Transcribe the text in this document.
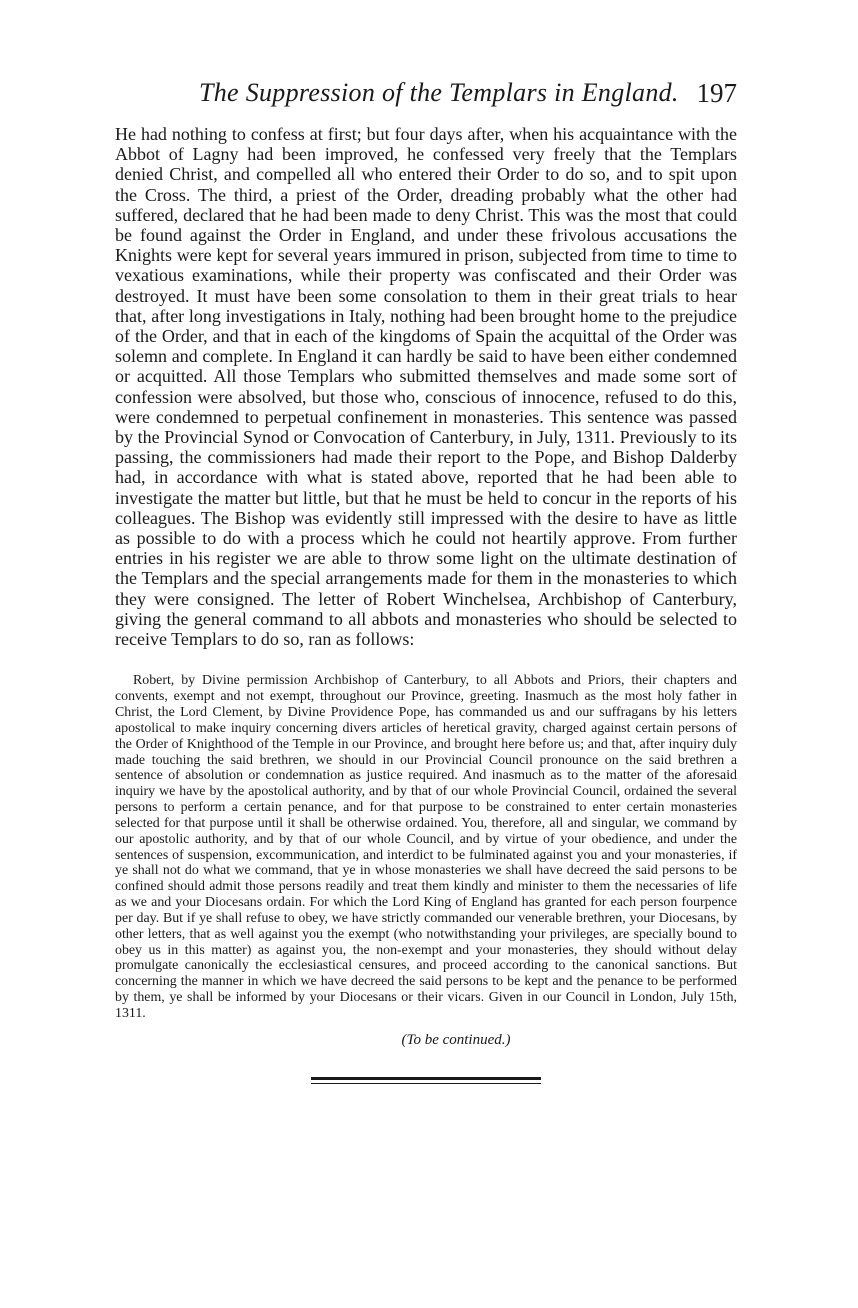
The Suppression of the Templars in England. 197

He had nothing to confess at first; but four days after, when his acquaintance with the Abbot of Lagny had been improved, he confessed very freely that the Templars denied Christ, and compelled all who entered their Order to do so, and to spit upon the Cross. The third, a priest of the Order, dreading probably what the other had suffered, declared that he had been made to deny Christ. This was the most that could be found against the Order in England, and under these frivolous accusations the Knights were kept for several years immured in prison, subjected from time to time to vexatious examinations, while their property was confiscated and their Order was destroyed. It must have been some consolation to them in their great trials to hear that, after long investigations in Italy, nothing had been brought home to the prejudice of the Order, and that in each of the kingdoms of Spain the acquittal of the Order was solemn and complete. In England it can hardly be said to have been either condemned or acquitted. All those Templars who submitted themselves and made some sort of confession were absolved, but those who, conscious of innocence, refused to do this, were condemned to perpetual confinement in monasteries. This sentence was passed by the Provincial Synod or Convocation of Canterbury, in July, 1311. Previously to its passing, the commissioners had made their report to the Pope, and Bishop Dalderby had, in accordance with what is stated above, reported that he had been able to investigate the matter but little, but that he must be held to concur in the reports of his colleagues. The Bishop was evidently still impressed with the desire to have as little as possible to do with a process which he could not heartily approve. From further entries in his register we are able to throw some light on the ultimate destination of the Templars and the special arrangements made for them in the monasteries to which they were consigned. The letter of Robert Winchelsea, Archbishop of Canterbury, giving the general command to all abbots and monasteries who should be selected to receive Templars to do so, ran as follows:

Robert, by Divine permission Archbishop of Canterbury, to all Abbots and Priors, their chapters and convents, exempt and not exempt, throughout our Province, greeting. Inasmuch as the most holy father in Christ, the Lord Clement, by Divine Providence Pope, has commanded us and our suffragans by his letters apostolical to make inquiry concerning divers articles of heretical gravity, charged against certain persons of the Order of Knighthood of the Temple in our Province, and brought here before us; and that, after inquiry duly made touching the said brethren, we should in our Provincial Council pronounce on the said brethren a sentence of absolution or condemnation as justice required. And inasmuch as to the matter of the aforesaid inquiry we have by the apostolical authority, and by that of our whole Provincial Council, ordained the several persons to perform a certain penance, and for that purpose to be constrained to enter certain monasteries selected for that purpose until it shall be otherwise ordained. You, therefore, all and singular, we command by our apostolic authority, and by that of our whole Council, and by virtue of your obedience, and under the sentences of suspension, excommunication, and interdict to be fulminated against you and your monasteries, if ye shall not do what we command, that ye in whose monasteries we shall have decreed the said persons to be confined should admit those persons readily and treat them kindly and minister to them the necessaries of life as we and your Diocesans ordain. For which the Lord King of England has granted for each person fourpence per day. But if ye shall refuse to obey, we have strictly commanded our venerable brethren, your Diocesans, by other letters, that as well against you the exempt (who notwithstanding your privileges, are specially bound to obey us in this matter) as against you, the non-exempt and your monasteries, they should without delay promulgate canonically the ecclesiastical censures, and proceed according to the canonical sanctions. But concerning the manner in which we have decreed the said persons to be kept and the penance to be performed by them, ye shall be informed by your Diocesans or their vicars. Given in our Council in London, July 15th, 1311.

(To be continued.)
